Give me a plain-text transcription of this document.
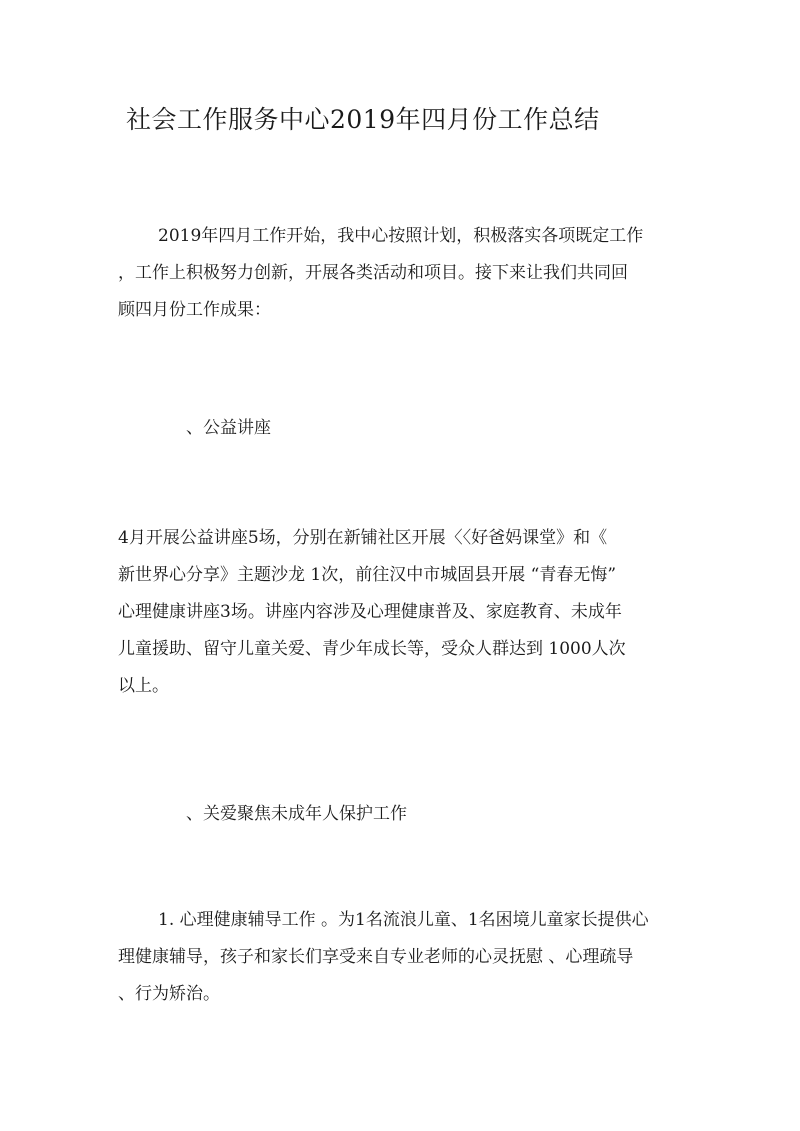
社会工作服务中心2019年四月份工作总结
2019年四月工作开始，我中心按照计划，积极落实各项既定工作
，工作上积极努力创新，开展各类活动和项目。接下来让我们共同回
顾四月份工作成果：
、公益讲座
4月开展公益讲座5场，分别在新铺社区开展〈〈好爸妈课堂》和《
新世界心分享》主题沙龙 1次，前往汉中市城固县开展 “青春无悔”
心理健康讲座3场。讲座内容涉及心理健康普及、家庭教育、未成年
儿童援助、留守儿童关爱、青少年成长等，受众人群达到 1000人次
以上。
、关爱聚焦未成年人保护工作
1. 心理健康辅导工作 。为1名流浪儿童、1名困境儿童家长提供心
理健康辅导，孩子和家长们享受来自专业老师的心灵抚慰 、心理疏导
、行为矫治。
